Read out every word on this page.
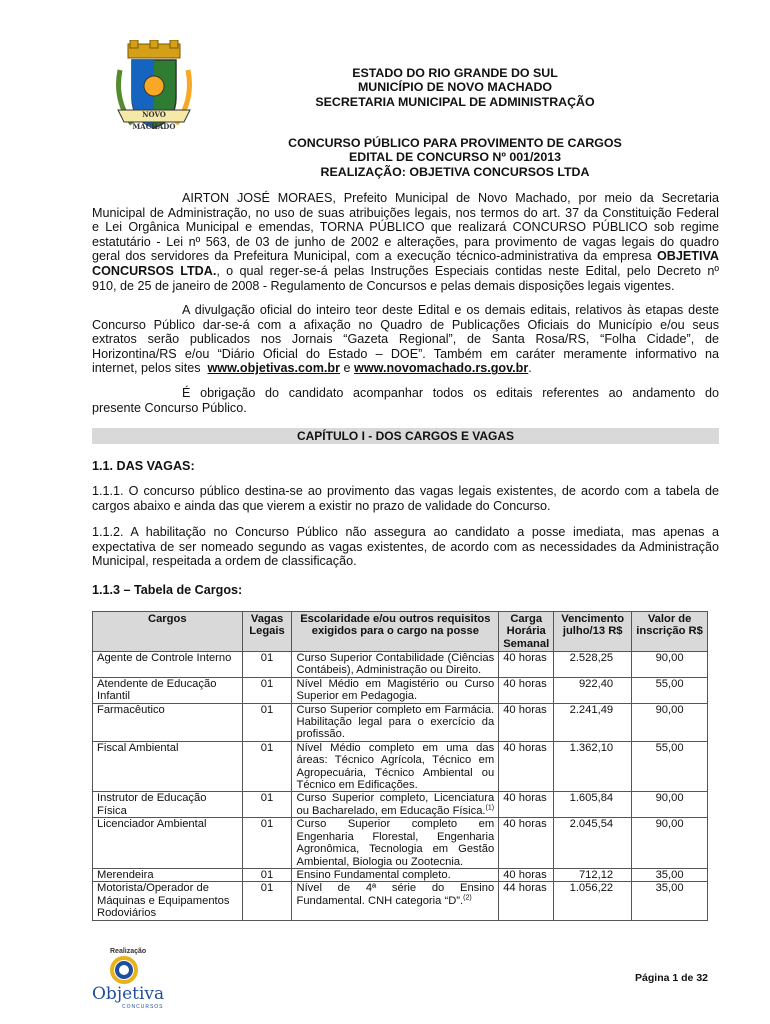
NOVO MACHADO
ESTADO DO RIO GRANDE DO SUL
MUNICÍPIO DE NOVO MACHADO
SECRETARIA MUNICIPAL DE ADMINISTRAÇÃO
CONCURSO PÚBLICO PARA PROVIMENTO DE CARGOS
EDITAL DE CONCURSO Nº 001/2013
REALIZAÇÃO: OBJETIVA CONCURSOS LTDA
AIRTON JOSÉ MORAES, Prefeito Municipal de Novo Machado, por meio da Secretaria
Municipal de Administração, no uso de suas atribuições legais, nos termos do art. 37 da Constituição Federal
e Lei Orgânica Municipal e emendas, TORNA PÚBLICO que realizará CONCURSO PÚBLICO sob regime
estatutário - Lei nº 563, de 03 de junho de 2002 e alterações, para provimento de vagas legais do quadro
geral dos servidores da Prefeitura Municipal, com a execução técnico-administrativa da empresa OBJETIVA
CONCURSOS LTDA., o qual reger-se-á pelas Instruções Especiais contidas neste Edital, pelo Decreto nº
910, de 25 de janeiro de 2008 - Regulamento de Concursos e pelas demais disposições legais vigentes.
A divulgação oficial do inteiro teor deste Edital e os demais editais, relativos às etapas deste
Concurso Público dar-se-á com a afixação no Quadro de Publicações Oficiais do Município e/ou seus
extratos serão publicados nos Jornais “Gazeta Regional”, de Santa Rosa/RS, “Folha Cidade”, de
Horizontina/RS e/ou “Diário Oficial do Estado – DOE”. Também em caráter meramente informativo na
internet, pelos sites www.objetivas.com.br e www.novomachado.rs.gov.br.
É obrigação do candidato acompanhar todos os editais referentes ao andamento do
presente Concurso Público.
CAPÍTULO I - DOS CARGOS E VAGAS
1.1. DAS VAGAS:
1.1.1. O concurso público destina-se ao provimento das vagas legais existentes, de acordo com a tabela de
cargos abaixo e ainda das que vierem a existir no prazo de validade do Concurso.
1.1.2. A habilitação no Concurso Público não assegura ao candidato a posse imediata, mas apenas a
expectativa de ser nomeado segundo as vagas existentes, de acordo com as necessidades da Administração
Municipal, respeitada a ordem de classificação.
1.1.3 – Tabela de Cargos:
Cargos	Vagas Legais	Escolaridade e/ou outros requisitos exigidos para o cargo na posse	Carga Horária Semanal	Vencimento julho/13 R$	Valor de inscrição R$
Agente de Controle Interno	01	Curso Superior Contabilidade (Ciências Contábeis), Administração ou Direito.	40 horas	2.528,25	90,00
Atendente de Educação Infantil	01	Nível Médio em Magistério ou Curso Superior em Pedagogia.	40 horas	922,40	55,00
Farmacêutico	01	Curso Superior completo em Farmácia. Habilitação legal para o exercício da profissão.	40 horas	2.241,49	90,00
Fiscal Ambiental	01	Nível Médio completo em uma das áreas: Técnico Agrícola, Técnico em Agropecuária, Técnico Ambiental ou Técnico em Edificações.	40 horas	1.362,10	55,00
Instrutor de Educação Física	01	Curso Superior completo, Licenciatura ou Bacharelado, em Educação Física.$^{(1)}$	40 horas	1.605,84	90,00
Licenciador Ambiental	01	Curso Superior completo em Engenharia Florestal, Engenharia Agronômica, Tecnologia em Gestão Ambiental, Biologia ou Zootecnia.	40 horas	2.045,54	90,00
Merendeira	01	Ensino Fundamental completo.	40 horas	712,12	35,00
Motorista/Operador de Máquinas e Equipamentos Rodoviários	01	Nível de 4ª série do Ensino Fundamental. CNH categoria “D”.$^{(2)}$	44 horas	1.056,22	35,00
Realização
Objetiva
CONCURSOS
Página 1 de 32
